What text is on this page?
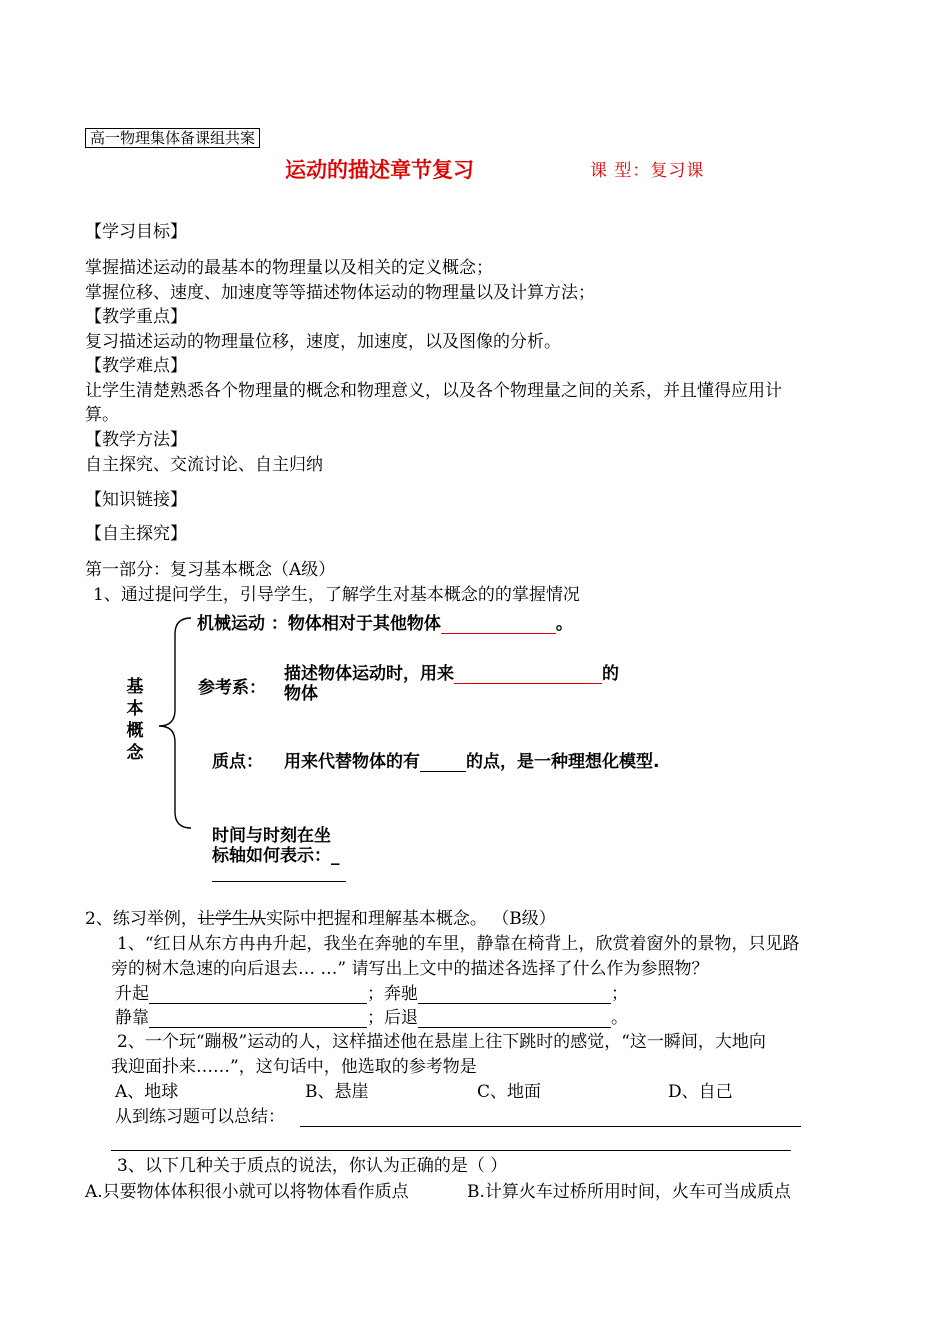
高一物理集体备课组共案
运动的描述章节复习	课 型：复习课
【学习目标】
掌握描述运动的最基本的物理量以及相关的定义概念；
掌握位移、速度、加速度等等描述物体运动的物理量以及计算方法；
【教学重点】
复习描述运动的物理量位移，速度，加速度，以及图像的分析。
【教学难点】
让学生清楚熟悉各个物理量的概念和物理意义，以及各个物理量之间的关系，并且懂得应用计
算。
【教学方法】
自主探究、交流讨论、自主归纳
【知识链接】
【自主探究】
第一部分：复习基本概念（A级）
1、通过提问学生，引导学生，了解学生对基本概念的的掌握情况
基
本
概
念
机械运动 ：物体相对于其他物体	。
参考系：
描述物体运动时，用来	的
物体
质点： 用来代替物体的有	的点，是一种理想化模型.
时间与时刻在坐
标轴如何表示：_
2、练习举例，让学生从实际中把握和理解基本概念。 （B级）
1、“红日从东方冉冉升起，我坐在奔驰的车里，静靠在椅背上，欣赏着窗外的景物，只见路
旁的树木急速的向后退去… …” 请写出上文中的描述各选择了什么作为参照物？
升起	；奔驰	；
静靠	；后退	。
2、一个玩“蹦极”运动的人，这样描述他在悬崖上往下跳时的感觉，“这一瞬间，大地向
我迎面扑来……”，这句话中，他选取的参考物是
A、地球	B、悬崖	C、地面	D、自己
从到练习题可以总结：
3、以下几种关于质点的说法，你认为正确的是（ ）
A.只要物体体积很小就可以将物体看作质点	B.计算火车过桥所用时间，火车可当成质点
